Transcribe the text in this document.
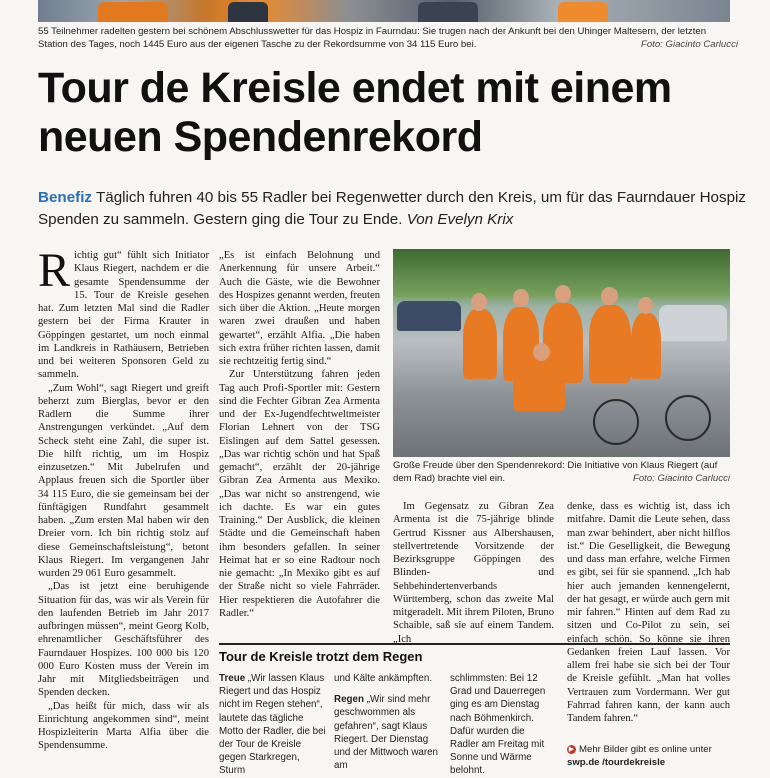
55 Teilnehmer radelten gestern bei schönem Abschlusswetter für das Hospiz in Faurndau: Sie trugen nach der Ankunft bei den Uhinger Maltesern, der letzten Station des Tages, noch 1445 Euro aus der eigenen Tasche zu der Rekordsumme von 34 115 Euro bei.	Foto: Giacinto Carlucci
Tour de Kreisle endet mit einem neuen Spendenrekord
Benefiz Täglich fuhren 40 bis 55 Radler bei Regenwetter durch den Kreis, um für das Faurndauer Hospiz Spenden zu sammeln. Gestern ging die Tour zu Ende. Von Evelyn Krix

Richtig gut“ fühlt sich Initiator Klaus Riegert, nachdem er die gesamte Spendensumme der 15. Tour de Kreisle gesehen hat. Zum letzten Mal sind die Radler gestern bei der Firma Krauter in Göppingen gestartet, um noch einmal im Landkreis in Rathäusern, Betrieben und bei weiteren Sponsoren Geld zu sammeln.

„Zum Wohl“, sagt Riegert und greift beherzt zum Bierglas, bevor er den Radlern die Summe ihrer Anstrengungen verkündet. „Auf dem Scheck steht eine Zahl, die super ist. Die hilft richtig, um im Hospiz einzusetzen.“ Mit Jubelrufen und Applaus freuen sich die Sportler über 34 115 Euro, die sie gemeinsam bei der fünftägigen Rundfahrt gesammelt haben. „Zum ersten Mal haben wir den Dreier vorn. Ich bin richtig stolz auf diese Gemeinschaftsleistung“, betont Klaus Riegert. Im vergangenen Jahr wurden 29 061 Euro gesammelt.

„Das ist jetzt eine beruhigende Situation für das, was wir als Verein für den laufenden Betrieb im Jahr 2017 aufbringen müssen“, meint Georg Kolb, ehrenamtlicher Geschäftsführer des Faurndauer Hospizes. 100 000 bis 120 000 Euro Kosten muss der Verein im Jahr mit Mitgliedsbeiträgen und Spenden decken.

„Das heißt für mich, dass wir als Einrichtung angekommen sind“, meint Hospizleiterin Marta Alfia über die Spendensumme.

„Es ist einfach Belohnung und Anerkennung für unsere Arbeit.“ Auch die Gäste, wie die Bewohner des Hospizes genannt werden, freuten sich über die Aktion. „Heute morgen waren zwei draußen und haben gewartet“, erzählt Alfia. „Die haben sich extra früher richten lassen, damit sie rechtzeitig fertig sind.“

Zur Unterstützung fahren jeden Tag auch Profi-Sportler mit: Gestern sind die Fechter Gibran Zea Armenta und der Ex-Jugendfechtweltmeister Florian Lehnert von der TSG Eislingen auf dem Sattel gesessen. „Das war richtig schön und hat Spaß gemacht“, erzählt der 20-jährige Gibran Zea Armenta aus Mexiko. „Das war nicht so anstrengend, wie ich dachte. Es war ein gutes Training.“ Der Ausblick, die kleinen Städte und die Gemeinschaft haben ihm besonders gefallen. In seiner Heimat hat er so eine Radtour noch nie gemacht: „In Mexiko gibt es auf der Straße nicht so viele Fahrräder. Hier respektieren die Autofahrer die Radler.“

Große Freude über den Spendenrekord: Die Initiative von Klaus Riegert (auf dem Rad) brachte viel ein.	Foto: Giacinto Carlucci

Im Gegensatz zu Gibran Zea Armenta ist die 75-jährige blinde Gertrud Kissner aus Albershausen, stellvertretende Vorsitzende der Bezirksgruppe Göppingen des Blinden- und Sehbehindertenverbands Württemberg, schon das zweite Mal mitgeradelt. Mit ihrem Piloten, Bruno Schaible, saß sie auf einem Tandem. „Ich

denke, dass es wichtig ist, dass ich mitfahre. Damit die Leute sehen, dass man zwar behindert, aber nicht hilflos ist.“ Die Geselligkeit, die Bewegung und dass man erfahre, welche Firmen es gibt, sei für sie spannend. „Ich hab hier auch jemanden kennengelernt, der hat gesagt, er würde auch gern mit mir fahren.“ Hinten auf dem Rad zu sitzen und Co-Pilot zu sein, sei einfach schön. So könne sie ihren Gedanken freien Lauf lassen. Vor allem frei habe sie sich bei der Tour de Kreisle gefühlt. „Man hat volles Vertrauen zum Vordermann. Wer gut Fahrrad fahren kann, der kann auch Tandem fahren.“

Tour de Kreisle trotzt dem Regen
Treue „Wir lassen Klaus Riegert und das Hospiz nicht im Regen stehen“, lautete das tägliche Motto der Radler, die bei der Tour de Kreisle gegen Starkregen, Sturm
und Kälte ankämpften.
Regen „Wir sind mehr geschwommen als gefahren“, sagt Klaus Riegert. Der Dienstag und der Mittwoch waren am
schlimmsten: Bei 12 Grad und Dauerregen ging es am Dienstag nach Böhmenkirch. Dafür wurden die Radler am Freitag mit Sonne und Wärme belohnt.
▶ Mehr Bilder gibt es online unter
swp.de /tourdekreisle
